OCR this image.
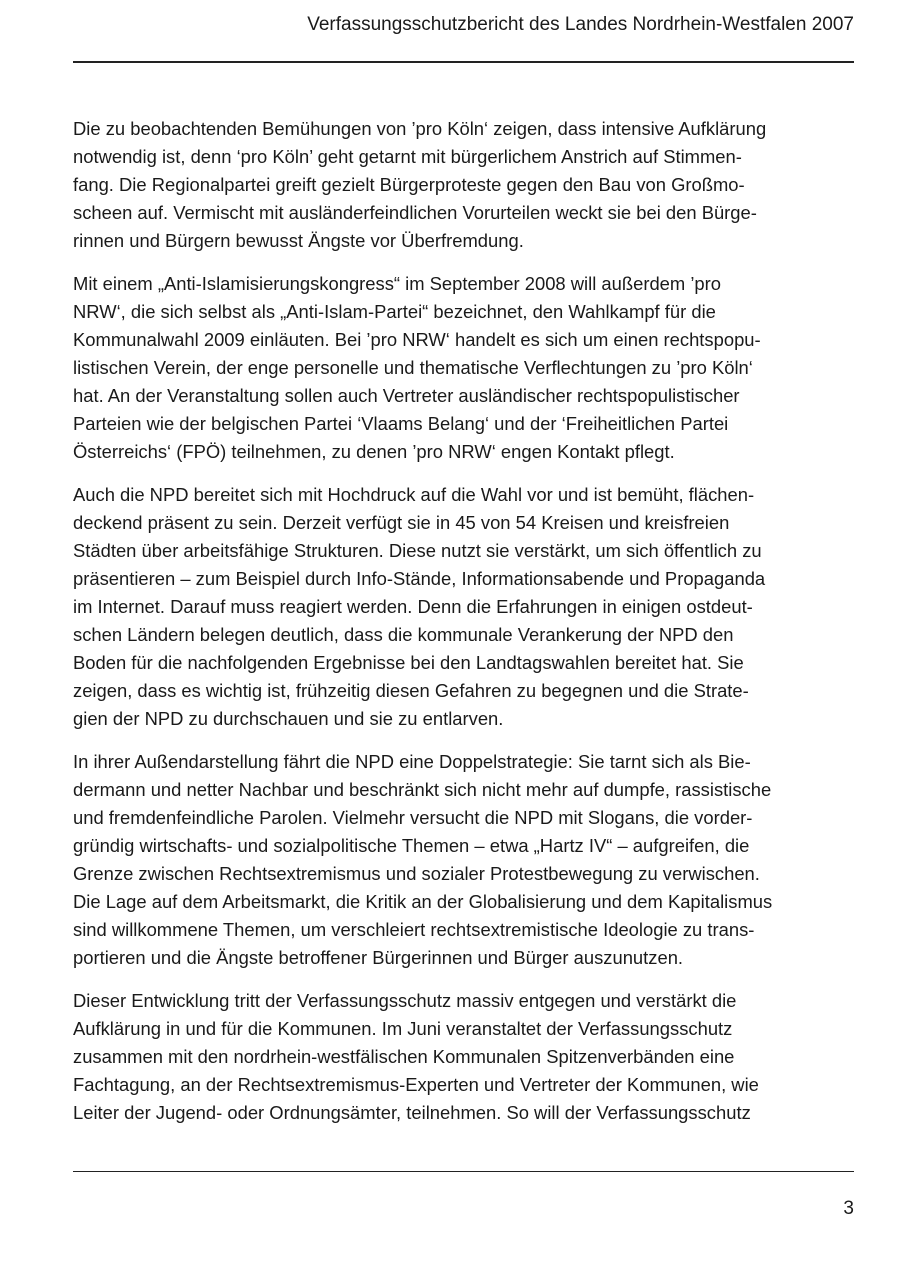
Verfassungsschutzbericht des Landes Nordrhein-Westfalen 2007

Die zu beobachtenden Bemühungen von ’pro Köln‘ zeigen, dass intensive Aufklärung
notwendig ist, denn ‘pro Köln’ geht getarnt mit bürgerlichem Anstrich auf Stimmen-
fang. Die Regionalpartei greift gezielt Bürgerproteste gegen den Bau von Großmo-
scheen auf. Vermischt mit ausländerfeindlichen Vorurteilen weckt sie bei den Bürge-
rinnen und Bürgern bewusst Ängste vor Überfremdung.

Mit einem „Anti-Islamisierungskongress“ im September 2008 will außerdem ’pro
NRW‘, die sich selbst als „Anti-Islam-Partei“ bezeichnet, den Wahlkampf für die
Kommunalwahl 2009 einläuten. Bei ’pro NRW‘ handelt es sich um einen rechtspopu-
listischen Verein, der enge personelle und thematische Verflechtungen zu ’pro Köln‘
hat. An der Veranstaltung sollen auch Vertreter ausländischer rechtspopulistischer
Parteien wie der belgischen Partei ‘Vlaams Belang‘ und der ‘Freiheitlichen Partei
Österreichs‘ (FPÖ) teilnehmen, zu denen ’pro NRW‘ engen Kontakt pflegt.

Auch die NPD bereitet sich mit Hochdruck auf die Wahl vor und ist bemüht, flächen-
deckend präsent zu sein. Derzeit verfügt sie in 45 von 54 Kreisen und kreisfreien
Städten über arbeitsfähige Strukturen. Diese nutzt sie verstärkt, um sich öffentlich zu
präsentieren – zum Beispiel durch Info-Stände, Informationsabende und Propaganda
im Internet. Darauf muss reagiert werden. Denn die Erfahrungen in einigen ostdeut-
schen Ländern belegen deutlich, dass die kommunale Verankerung der NPD den
Boden für die nachfolgenden Ergebnisse bei den Landtagswahlen bereitet hat. Sie
zeigen, dass es wichtig ist, frühzeitig diesen Gefahren zu begegnen und die Strate-
gien der NPD zu durchschauen und sie zu entlarven.

In ihrer Außendarstellung fährt die NPD eine Doppelstrategie: Sie tarnt sich als Bie-
dermann und netter Nachbar und beschränkt sich nicht mehr auf dumpfe, rassistische
und fremdenfeindliche Parolen. Vielmehr versucht die NPD mit Slogans, die vorder-
gründig wirtschafts- und sozialpolitische Themen – etwa „Hartz IV“ – aufgreifen, die
Grenze zwischen Rechtsextremismus und sozialer Protestbewegung zu verwischen.
Die Lage auf dem Arbeitsmarkt, die Kritik an der Globalisierung und dem Kapitalismus
sind willkommene Themen, um verschleiert rechtsextremistische Ideologie zu trans-
portieren und die Ängste betroffener Bürgerinnen und Bürger auszunutzen.

Dieser Entwicklung tritt der Verfassungsschutz massiv entgegen und verstärkt die
Aufklärung in und für die Kommunen. Im Juni veranstaltet der Verfassungsschutz
zusammen mit den nordrhein-westfälischen Kommunalen Spitzenverbänden eine
Fachtagung, an der Rechtsextremismus-Experten und Vertreter der Kommunen, wie
Leiter der Jugend- oder Ordnungsämter, teilnehmen. So will der Verfassungsschutz

3
